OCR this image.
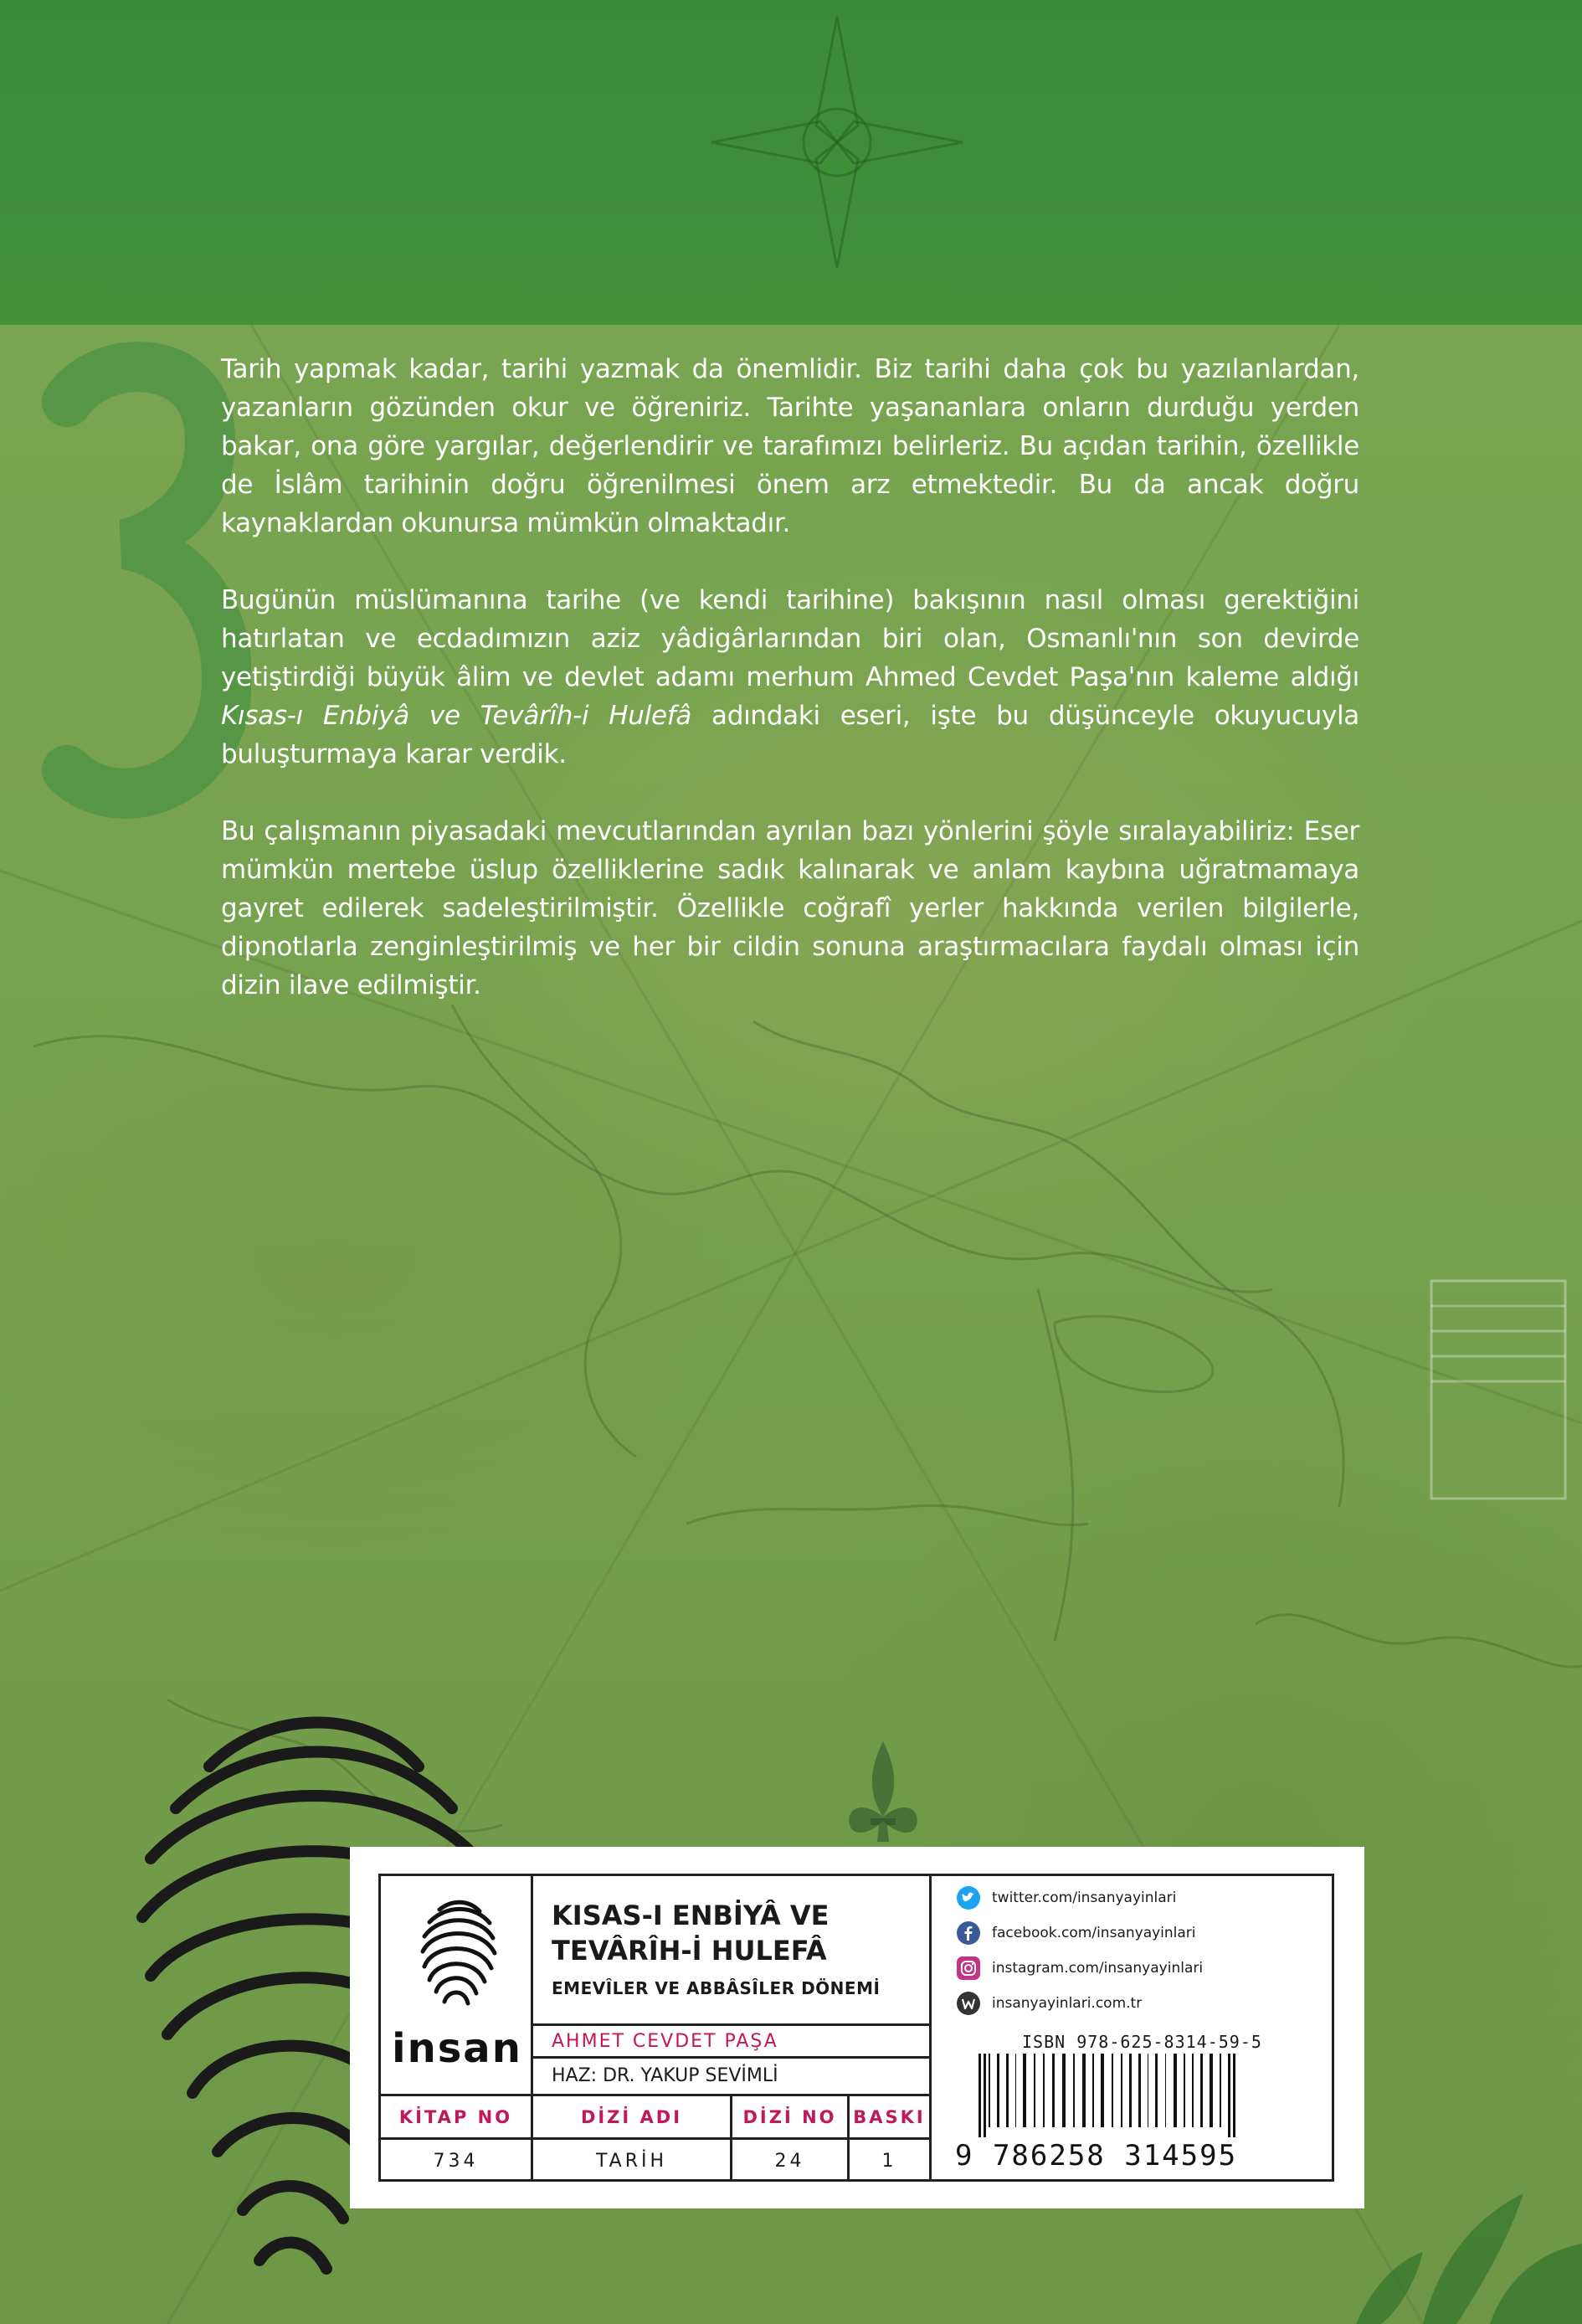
Tarih yapmak kadar, tarihi yazmak da önemlidir. Biz tarihi daha çok bu yazılanlardan, yazanların gözünden okur ve öğreniriz. Tarihte yaşananlara onların durduğu yerden bakar, ona göre yargılar, değerlendirir ve tarafımızı belirleriz. Bu açıdan tarihin, özellikle de İslâm tarihinin doğru öğrenilmesi önem arz etmektedir. Bu da ancak doğru kaynaklardan okunursa mümkün olmaktadır.

Bugünün müslümanına tarihe (ve kendi tarihine) bakışının nasıl olması gerektiğini hatırlatan ve ecdadımızın aziz yâdigârlarından biri olan, Osmanlı'nın son devirde yetiştirdiği büyük âlim ve devlet adamı merhum Ahmed Cevdet Paşa'nın kaleme aldığı Kısas-ı Enbiyâ ve Tevârîh-i Hulefâ adındaki eseri, işte bu düşünceyle okuyucuyla buluşturmaya karar verdik.

Bu çalışmanın piyasadaki mevcutlarından ayrılan bazı yönlerini şöyle sıralayabiliriz: Eser mümkün mertebe üslup özelliklerine sadık kalınarak ve anlam kaybına uğratmamaya gayret edilerek sadeleştirilmiştir. Özellikle coğrafî yerler hakkında verilen bilgilerle, dipnotlarla zenginleştirilmiş ve her bir cildin sonuna araştırmacılara faydalı olması için dizin ilave edilmiştir.

insan
KISAS-I ENBİYÂ VE
TEVÂRÎH-İ HULEFÂ
EMEVÎLER VE ABBÂSÎLER DÖNEMİ
AHMET CEVDET PAŞA
HAZ: DR. YAKUP SEVİMLİ
twitter.com/insanyayinlari
facebook.com/insanyayinlari
instagram.com/insanyayinlari
insanyayinlari.com.tr
ISBN 978-625-8314-59-5
9 786258 314595
KİTAP NO
734
DİZİ ADI
TARİH
DİZİ NO
24
BASKI
1
